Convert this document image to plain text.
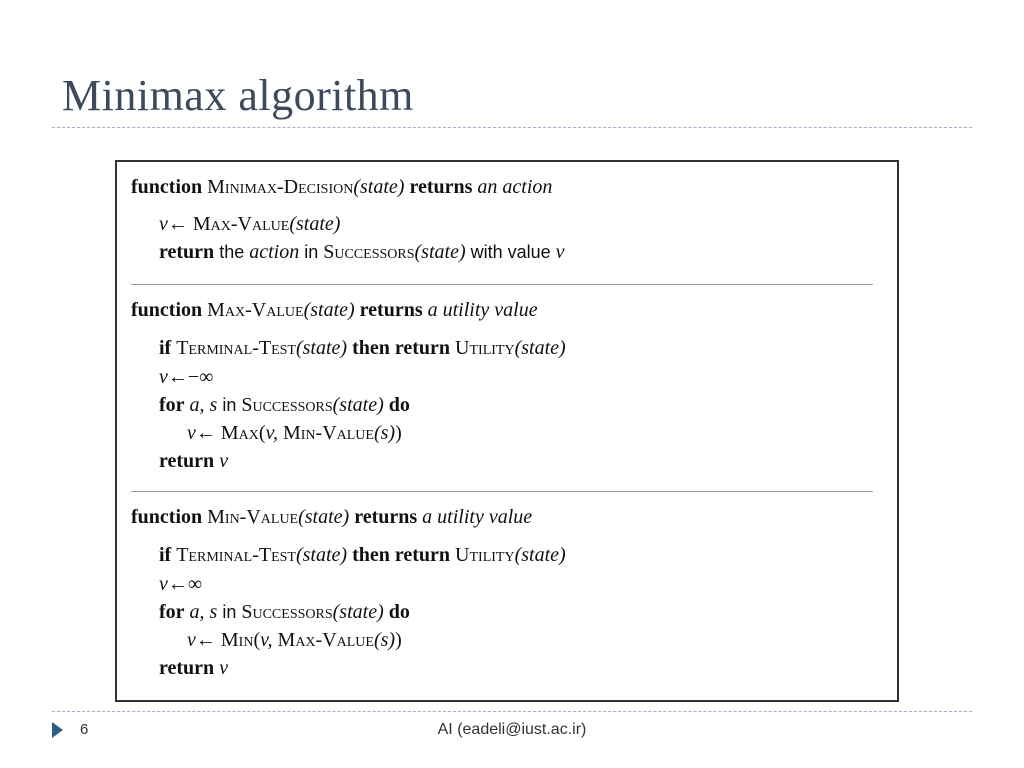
Minimax algorithm
function Minimax-Decision(state) returns an action
v← Max-Value(state)
return the action in Successors(state) with value v
function Max-Value(state) returns a utility value
if Terminal-Test(state) then return Utility(state)
v←−∞
for a, s in Successors(state) do
v← Max(v, Min-Value(s))
return v
function Min-Value(state) returns a utility value
if Terminal-Test(state) then return Utility(state)
v←∞
for a, s in Successors(state) do
v← Min(v, Max-Value(s))
return v
6	AI (eadeli@iust.ac.ir)
